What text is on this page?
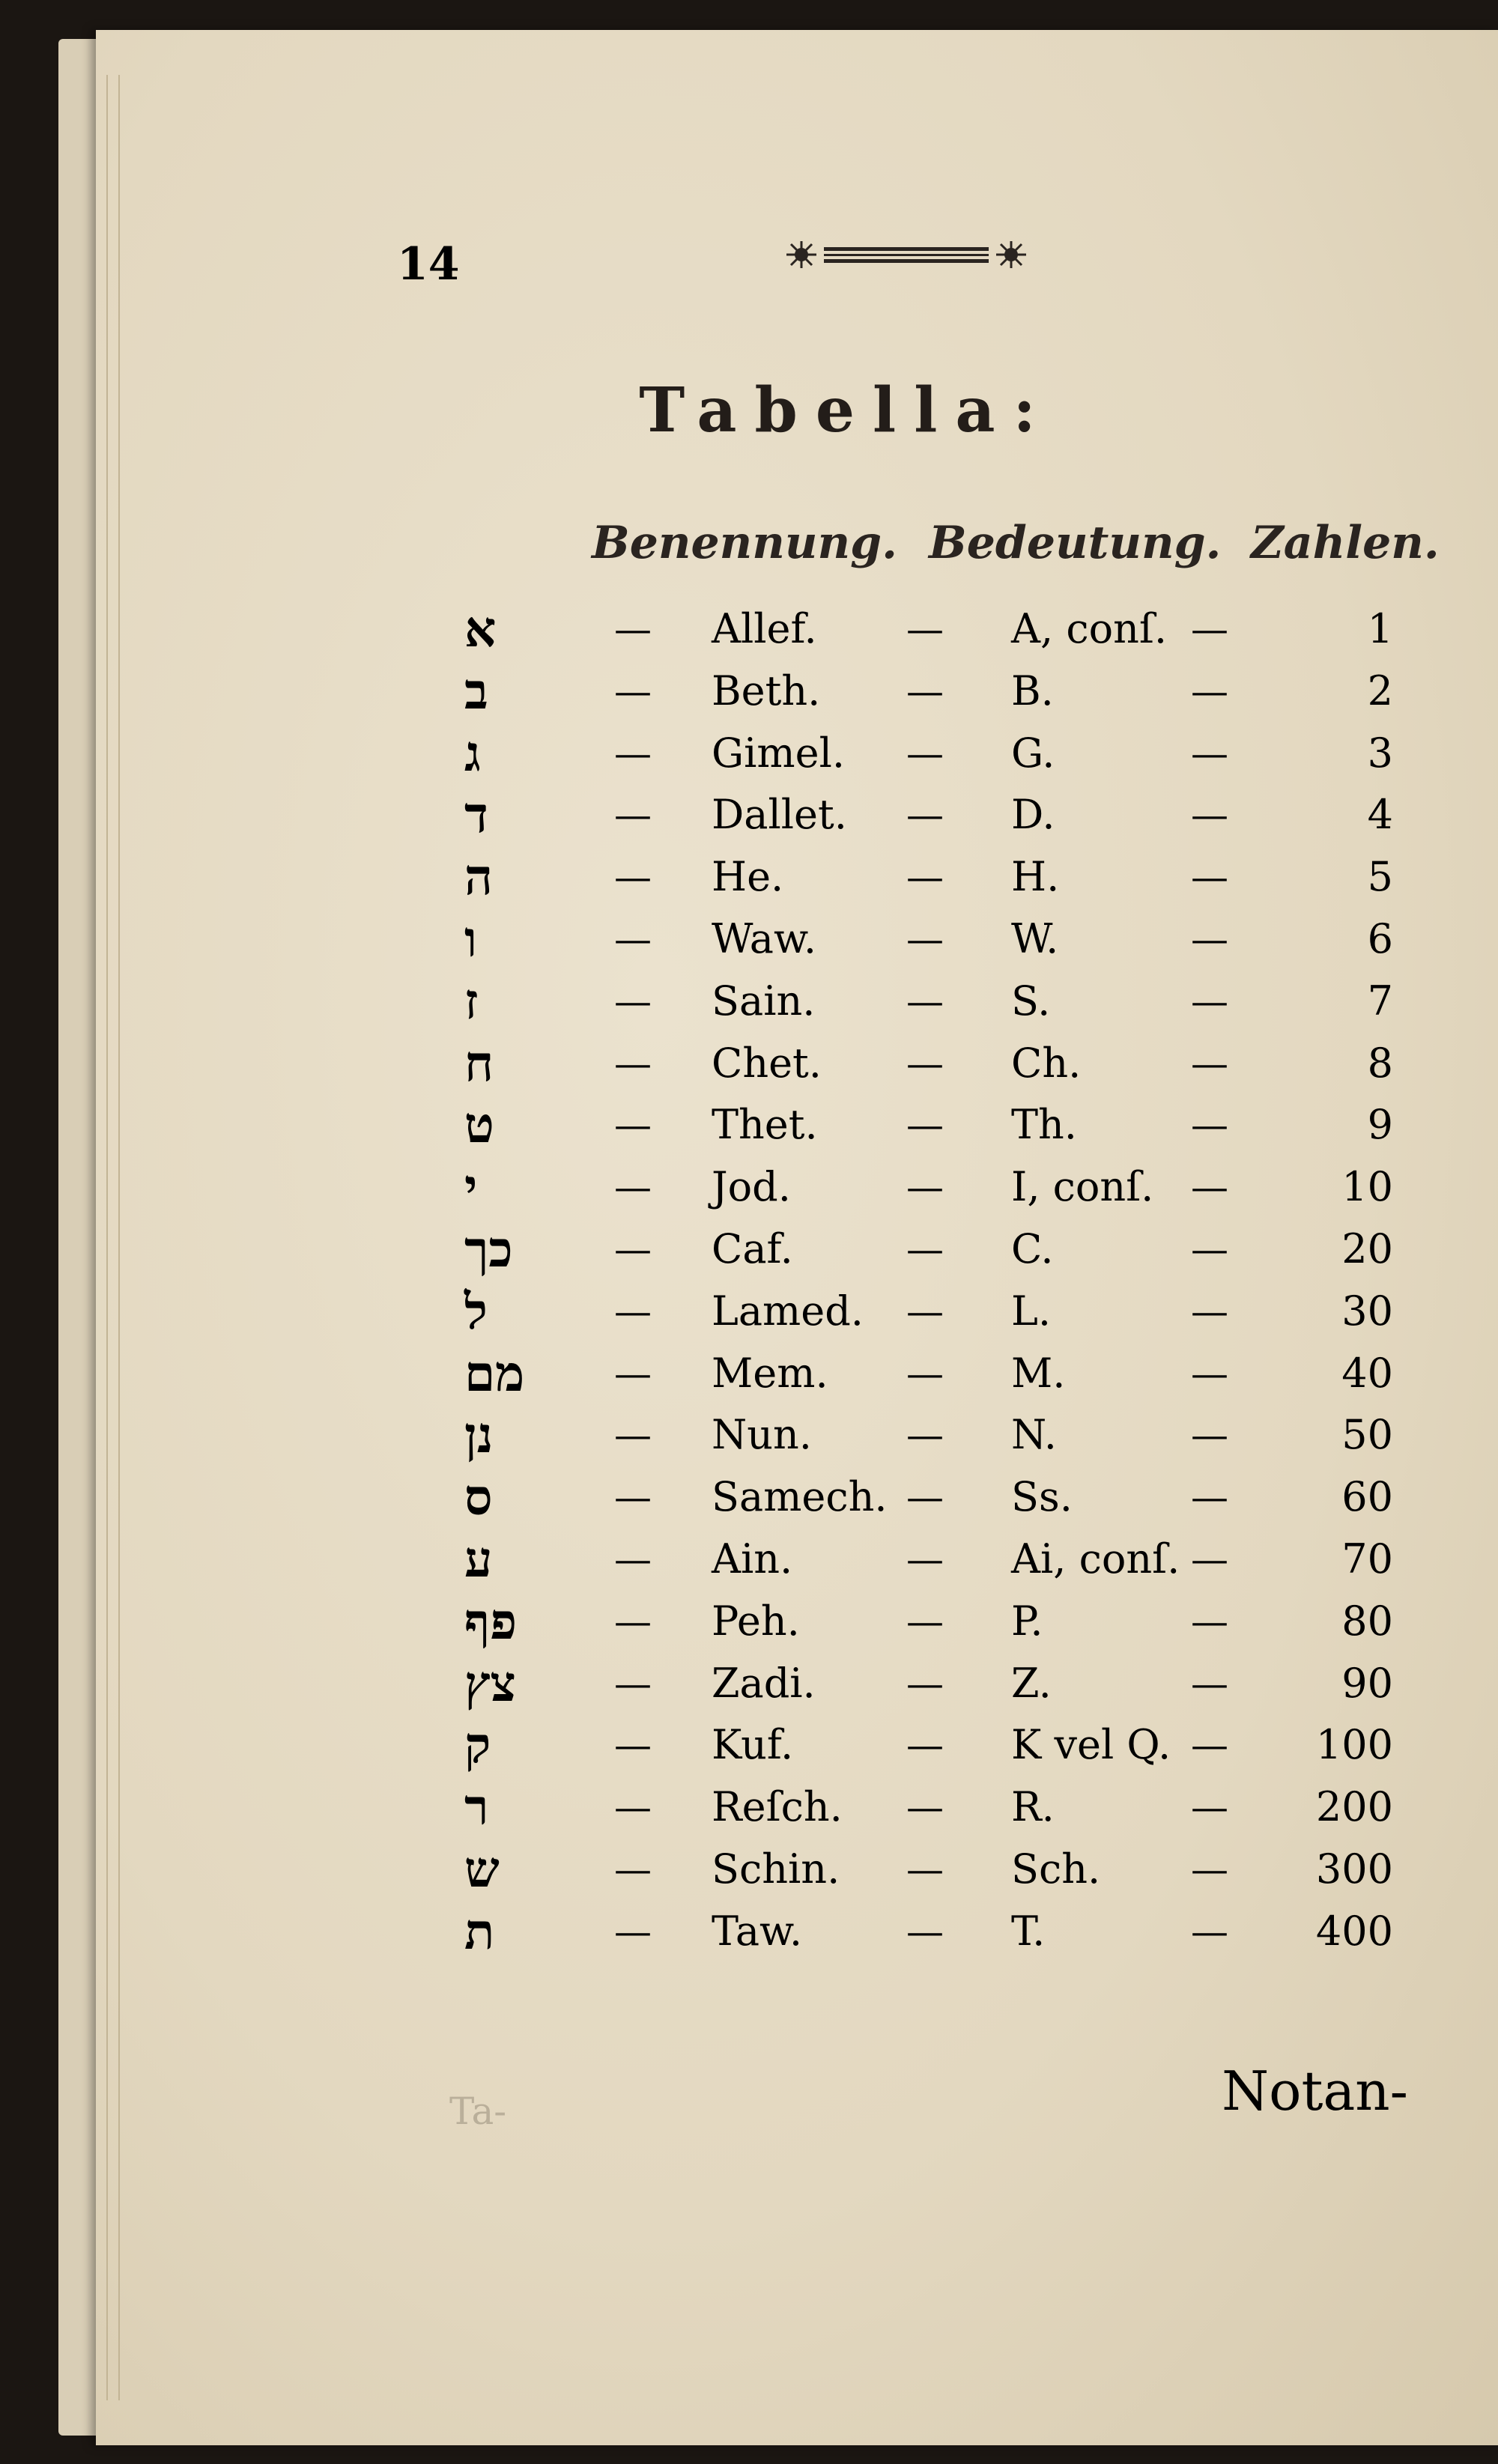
14
Tabella:
Benennung. Bedeutung. Zahlen.
א	— Allef. — A, conſ. —	1
ב	— Beth. — B.	—	2
ג	— Gimel. — G.	—	3
ד	— Dallet. — D.	—	4
ה	— He.	— H.	—	5
ו	— Waw. — W.	—	6
ז	— Sain. — S.	—	7
ח	— Chet. — Ch.	—	8
ט	— Thet. — Th.	—	9
י	— Jod.	— I, conſ. —	10
כך	— Caf.	— C.	—	20
ל	— Lamed. — L.	—	30
מם — Mem. — M.	—	40
נן	— Nun.	— N.	—	50
ס	— Samech. — Ss.	—	60
ע	— Ain.	— Ai, conſ. —	70
פף	— Peh.	— P.	—	80
צץ	— Zadi. — Z.	—	90
ק	— Kuf.	— K vel Q. — 100
ר	— Reſch. — R.	— 200
ש	— Schin. — Sch. — 300
ת	— Taw.	— T.	— 400
Ta-	Notan-
